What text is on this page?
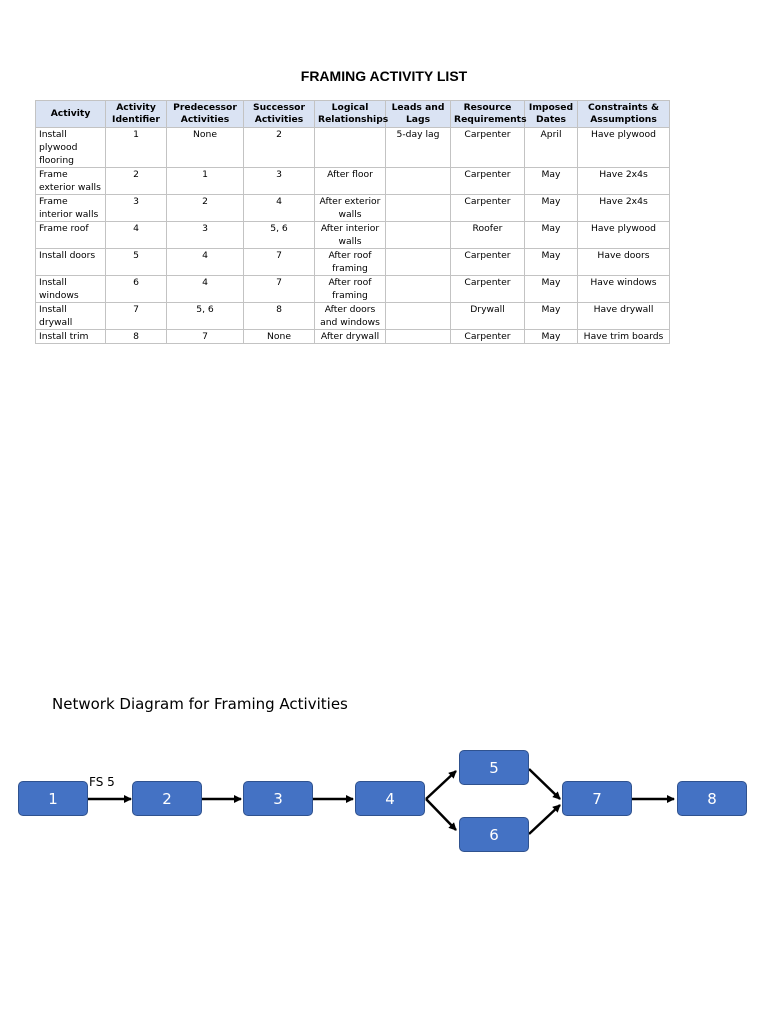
FRAMING ACTIVITY LIST
Activity	Activity Identifier	Predecessor Activities	Successor Activities	Logical Relationships	Leads and Lags	Resource Requirements	Imposed Dates	Constraints & Assumptions
Install plywood flooring	1	None	2		5-day lag	Carpenter	April	Have plywood
Frame exterior walls	2	1	3	After floor		Carpenter	May	Have 2x4s
Frame interior walls	3	2	4	After exterior walls		Carpenter	May	Have 2x4s
Frame roof	4	3	5, 6	After interior walls		Roofer	May	Have plywood
Install doors	5	4	7	After roof framing		Carpenter	May	Have doors
Install windows	6	4	7	After roof framing		Carpenter	May	Have windows
Install drywall	7	5, 6	8	After doors and windows		Drywall	May	Have drywall
Install trim	8	7	None	After drywall		Carpenter	May	Have trim boards
Network Diagram for Framing Activities
FS 5
1	2	3	4
5
6
7	8
